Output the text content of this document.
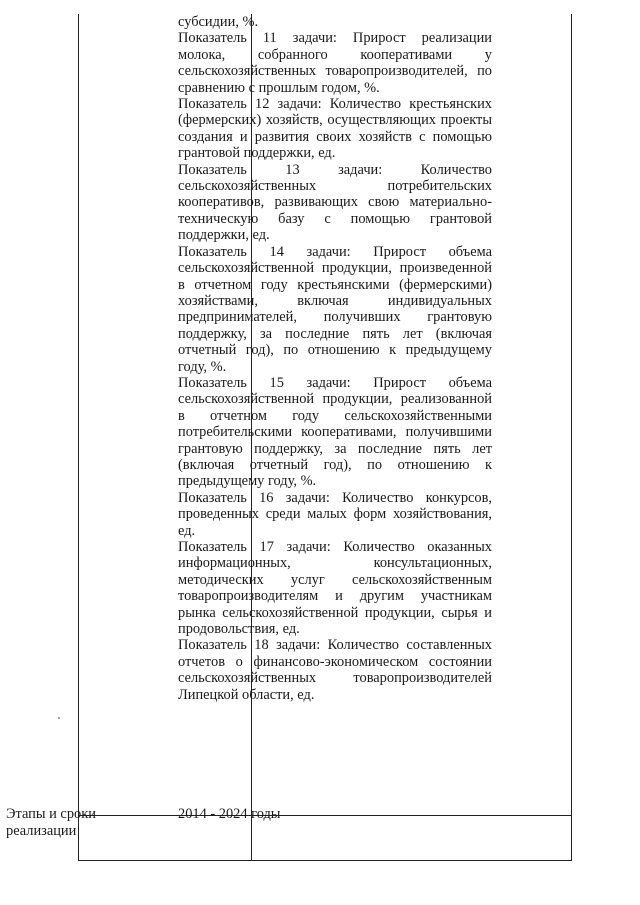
субсидии, %.

Показатель 11 задачи: Прирост реализации молока, собранного кооперативами у сельскохозяйственных товаропроизводителей, по сравнению с прошлым годом, %.

Показатель 12 задачи: Количество крестьянских (фермерских) хозяйств, осуществляющих проекты создания и развития своих хозяйств с помощью грантовой поддержки, ед.

Показатель 13 задачи: Количество сельскохозяйственных потребительских кооперативов, развивающих свою материально-техническую базу с помощью грантовой поддержки, ед.

Показатель 14 задачи: Прирост объема сельскохозяйственной продукции, произведенной в отчетном году крестьянскими (фермерскими) хозяйствами, включая индивидуальных предпринимателей, получивших грантовую поддержку, за последние пять лет (включая отчетный год), по отношению к предыдущему году, %.

Показатель 15 задачи: Прирост объема сельскохозяйственной продукции, реализованной в отчетном году сельскохозяйственными потребительскими кооперативами, получившими грантовую поддержку, за последние пять лет (включая отчетный год), по отношению к предыдущему году, %.

Показатель 16 задачи: Количество конкурсов, проведенных среди малых форм хозяйствования, ед.

Показатель 17 задачи: Количество оказанных информационных, консультационных, методических услуг сельскохозяйственным товаропроизводителям и другим участникам рынка сельскохозяйственной продукции, сырья и продовольствия, ед.

Показатель 18 задачи: Количество составленных отчетов о финансово-экономическом состоянии сельскохозяйственных товаропроизводителей Липецкой области, ед.

Этапы и сроки реализации
2014 - 2024 годы
